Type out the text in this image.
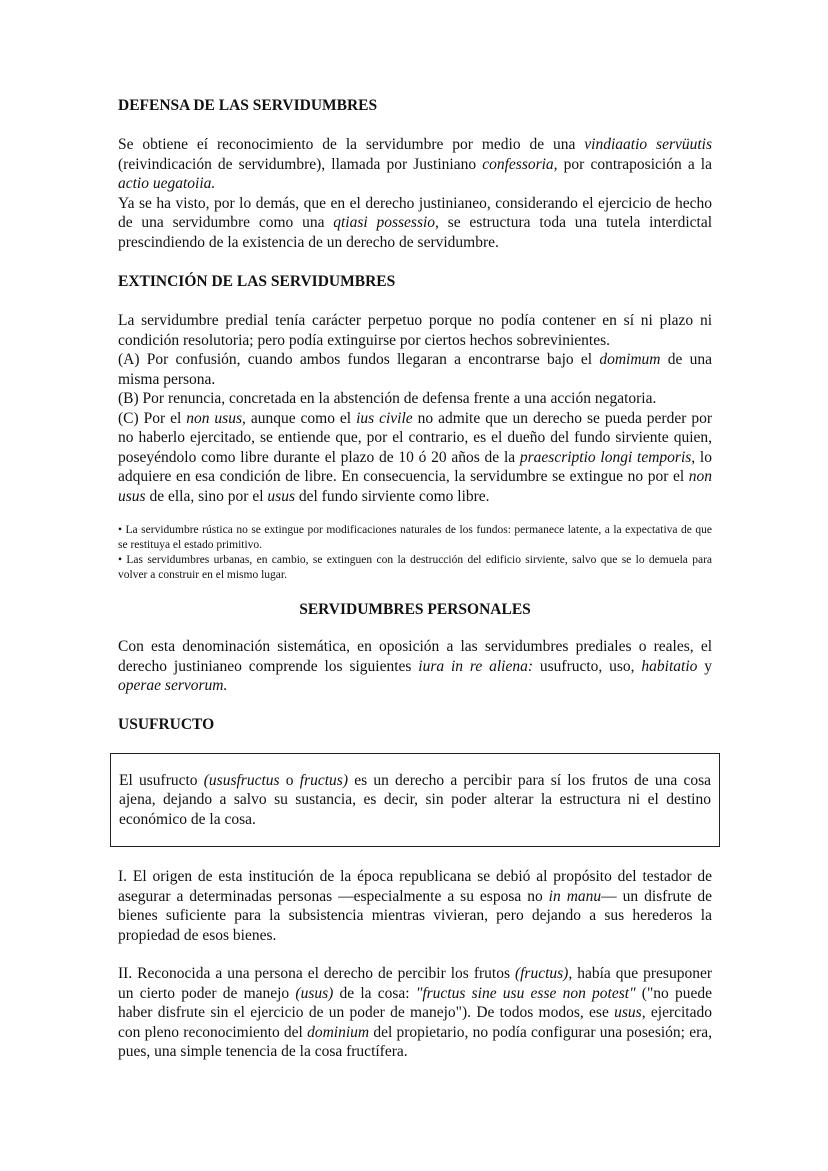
DEFENSA DE LAS SERVIDUMBRES

Se obtiene eí reconocimiento de la servidumbre por medio de una vindiaatio servüutis (reivindicación de servidumbre), llamada por Justiniano confessoria, por contraposición a la actio uegatoiia.

Ya se ha visto, por lo demás, que en el derecho justinianeo, considerando el ejercicio de hecho de una servidumbre como una qtiasi possessio, se estructura toda una tutela interdictal prescindiendo de la existencia de un derecho de servidumbre.

EXTINCIÓN DE LAS SERVIDUMBRES

La servidumbre predial tenía carácter perpetuo porque no podía contener en sí ni plazo ni condición resolutoria; pero podía extinguirse por ciertos hechos sobrevinientes.

(A) Por confusión, cuando ambos fundos llegaran a encontrarse bajo el domimum de una misma persona.

(B) Por renuncia, concretada en la abstención de defensa frente a una acción negatoria.

(C) Por el non usus, aunque como el ius civile no admite que un derecho se pueda perder por no haberlo ejercitado, se entiende que, por el contrario, es el dueño del fundo sirviente quien, poseyéndolo como libre durante el plazo de 10 ó 20 años de la praescriptio longi temporis, lo adquiere en esa condición de libre. En consecuencia, la servidumbre se extingue no por el non usus de ella, sino por el usus del fundo sirviente como libre.

• La servidumbre rústica no se extingue por modificaciones naturales de los fundos: permanece latente, a la expectativa de que se restituya el estado primitivo.

• Las servidumbres urbanas, en cambio, se extinguen con la destrucción del edificio sirviente, salvo que se lo demuela para volver a construir en el mismo lugar.

SERVIDUMBRES PERSONALES

Con esta denominación sistemática, en oposición a las servidumbres prediales o reales, el derecho justinianeo comprende los siguientes iura in re aliena: usufructo, uso, habitatio y operae servorum.

USUFRUCTO

El usufructo (ususfructus o fructus) es un derecho a percibir para sí los frutos de una cosa ajena, dejando a salvo su sustancia, es decir, sin poder alterar la estructura ni el destino económico de la cosa.

I. El origen de esta institución de la época republicana se debió al propósito del testador de asegurar a determinadas personas —especialmente a su esposa no in manu— un disfrute de bienes suficiente para la subsistencia mientras vivieran, pero dejando a sus herederos la propiedad de esos bienes.

II. Reconocida a una persona el derecho de percibir los frutos (fructus), había que presuponer un cierto poder de manejo (usus) de la cosa: "fructus sine usu esse non potest" ("no puede haber disfrute sin el ejercicio de un poder de manejo"). De todos modos, ese usus, ejercitado con pleno reconocimiento del dominium del propietario, no podía configurar una posesión; era, pues, una simple tenencia de la cosa fructífera.
